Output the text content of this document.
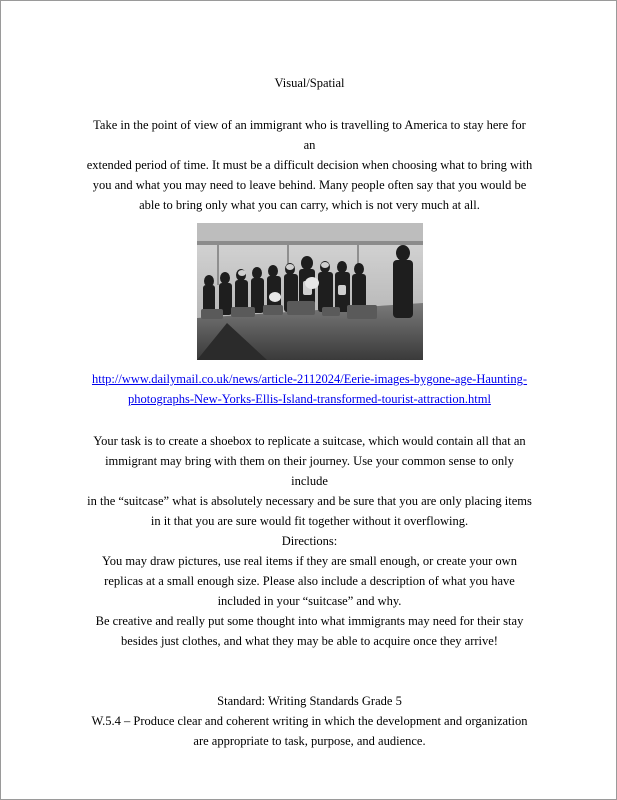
Visual/Spatial

Take in the point of view of an immigrant who is travelling to America to stay here for an
extended period of time. It must be a difficult decision when choosing what to bring with
you and what you may need to leave behind. Many people often say that you would be
able to bring only what you can carry, which is not very much at all.

http://www.dailymail.co.uk/news/article-2112024/Eerie-images-bygone-age-Haunting-
photographs-New-Yorks-Ellis-Island-transformed-tourist-attraction.html

Your task is to create a shoebox to replicate a suitcase, which would contain all that an
immigrant may bring with them on their journey. Use your common sense to only include
in the “suitcase” what is absolutely necessary and be sure that you are only placing items
in it that you are sure would fit together without it overflowing.

Directions:

You may draw pictures, use real items if they are small enough, or create your own
replicas at a small enough size. Please also include a description of what you have
included in your “suitcase” and why.
Be creative and really put some thought into what immigrants may need for their stay
besides just clothes, and what they may be able to acquire once they arrive!

Standard: Writing Standards Grade 5

W.5.4 – Produce clear and coherent writing in which the development and organization
are appropriate to task, purpose, and audience.
